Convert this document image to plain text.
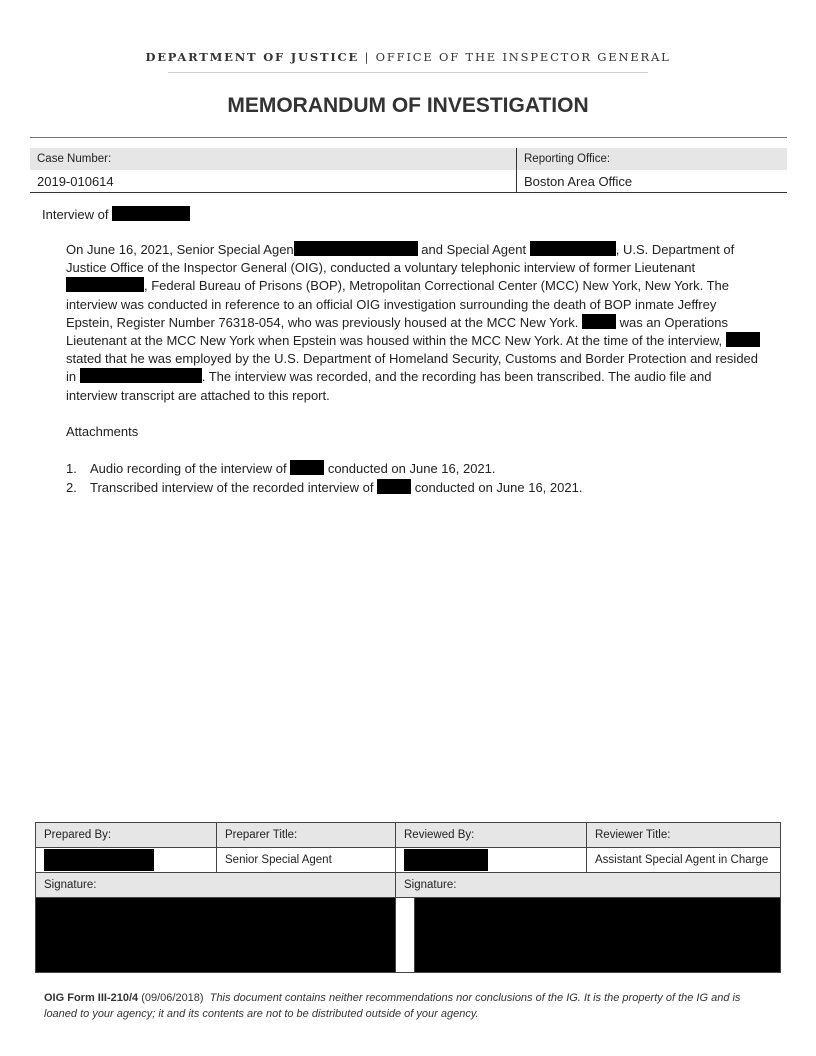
DEPARTMENT OF JUSTICE | OFFICE OF THE INSPECTOR GENERAL
MEMORANDUM OF INVESTIGATION
Case Number:	Reporting Office:
2019-010614	Boston Area Office
Interview of
On June 16, 2021, Senior Special Agen	and Special Agent	, U.S. Department of Justice Office of the Inspector General (OIG), conducted a voluntary telephonic interview of former Lieutenant , Federal Bureau of Prisons (BOP), Metropolitan Correctional Center (MCC) New York, New York. The interview was conducted in reference to an official OIG investigation surrounding the death of BOP inmate Jeffrey Epstein, Register Number 76318-054, who was previously housed at the MCC New York.	was an Operations Lieutenant at the MCC New York when Epstein was housed within the MCC New York. At the time of the interview,  stated that he was employed by the U.S. Department of Homeland Security, Customs and Border Protection and resided in	. The interview was recorded, and the recording has been transcribed. The audio file and interview transcript are attached to this report.
Attachments
1. Audio recording of the interview of	conducted on June 16, 2021.
2. Transcribed interview of the recorded interview of	conducted on June 16, 2021.
Prepared By:	Preparer Title:	Reviewed By:	Reviewer Title:
	Senior Special Agent		Assistant Special Agent in Charge
Signature:		Signature:	

OIG Form III-210/4 (09/06/2018) This document contains neither recommendations nor conclusions of the IG. It is the property of the IG and is loaned to your agency; it and its contents are not to be distributed outside of your agency.
